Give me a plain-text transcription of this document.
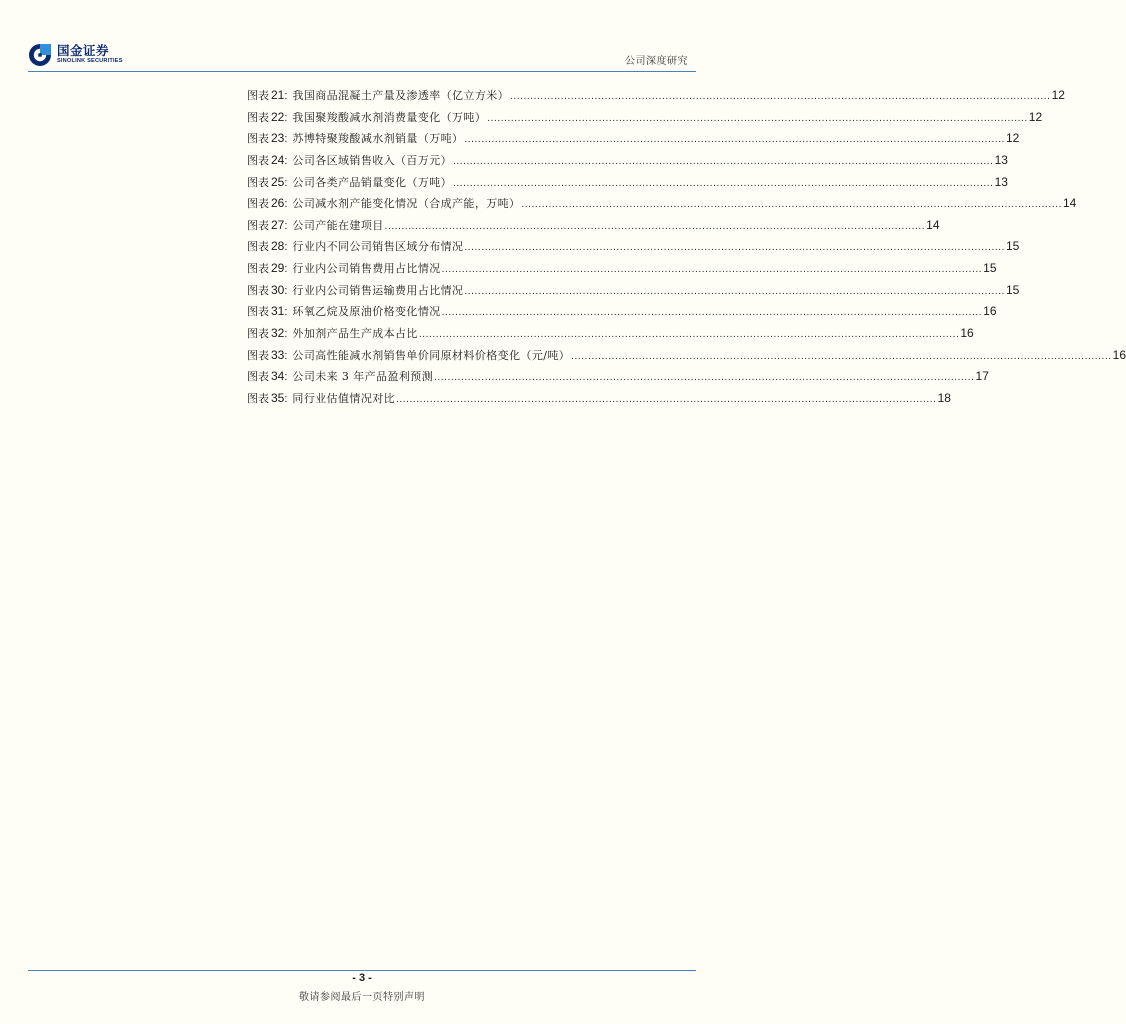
国金证券
SINOLINK SECURITIES	公司深度研究
图表 21 : 我国商品混凝土产量及渗透率（亿立方米） ................................................................................................................................................................ 12
图表 22 : 我国聚羧酸减水剂消费量变化（万吨） ................................................................................................................................................................ 12
图表 23 : 苏博特聚羧酸减水剂销量（万吨） ................................................................................................................................................................ 12
图表 24 : 公司各区域销售收入（百万元） ................................................................................................................................................................ 13
图表 25 : 公司各类产品销量变化（万吨） ................................................................................................................................................................ 13
图表 26 : 公司减水剂产能变化情况（合成产能，万吨） ................................................................................................................................................................ 14
图表 27 : 公司产能在建项目 ................................................................................................................................................................ 14
图表 28 : 行业内不同公司销售区域分布情况 ................................................................................................................................................................ 15
图表 29 : 行业内公司销售费用占比情况 ................................................................................................................................................................ 15
图表 30 : 行业内公司销售运输费用占比情况 ................................................................................................................................................................ 15
图表 31 : 环氧乙烷及原油价格变化情况 ................................................................................................................................................................ 16
图表 32 : 外加剂产品生产成本占比 ................................................................................................................................................................ 16
图表 33 : 公司高性能减水剂销售单价同原材料价格变化（元/吨） ................................................................................................................................................................ 16
图表 34 : 公司未来 3 年产品盈利预测 ................................................................................................................................................................ 17
图表 35 : 同行业估值情况对比 ................................................................................................................................................................ 18
- 3 -
敬请参阅最后一页特别声明
